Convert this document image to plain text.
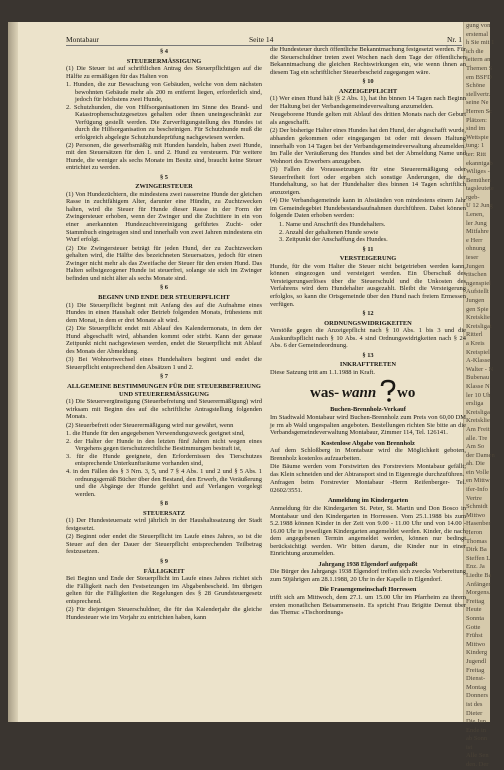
gung von
erstemal
h Sie mit 1
ich die
leitern an
Themen S
em BSFD
Schöne
stellvertr.
seine Ne
Herren Sc
Plätzen:
sind im
Wettspie
tung: 1
ter: Ritt
ekanntgab
Wiliges -
Bemühen
tagsleutete
rgeb-
U 12 Jung
Lenen,
ler Jung
Mitfahre
e Herr
ohnung
ieser
Jungen
ritschen
ngenspiel
Aufstellt
Jungen
gen Spie
Kreisklie
Kreisligat
Ritterl
a Kreis
Kreispiel
A-Klasse
Walter - N
Bubenau
Klasse N
ler 10 Uh
ersliga
Kreisliga
Kreisklie
Am Freit
alle. Tre
Am So
der Damen
ah. Die
ein Volle
en Mittw
ifer-Info
Vertre
Schmidt
Mittwo
Hasenber
Heron
Thomas
Dirk Ba
Steffen L
Enz. Ja
Liedte Ba
Anfänger
Morgens.
Freitag
Heute
Sonnta
Gotte
Frühst
Mittwo
Kinderg
Jugendl
Freitag
Dienst-
Montag
Donners
ist des
Dieter
Die Jun
Ende in
ab Sonn
ist
Alle Sen
den. Der
Montabaur	Seite 14	Nr. 1

§ 4
STEUERERMÄSSIGUNG

(1) Die Steuer ist auf schriftlichen Antrag des Steuerpflichtigen auf die Hälfte zu ermäßigen für das Halten von

1. Hunden, die zur Bewachung von Gebäuden, welche von dem nächsten bewohnten Gebäude mehr als 200 m entfernt liegen, erforderlich sind, jedoch für höchstens zwei Hunde,

2. Schutzhunden, die von Hilfsorganisationen im Sinne des Brand- und Katastrophenschutzgesetzes gehalten oder ihnen uneingeschränkt zur Verfügung gestellt werden. Die Zurverfügungstellung des Hundes ist durch die Hilfsorganisation zu bescheinigen. Für Schutzhunde muß die erfolgreich abgelegte Schutzhundeprüfung nachgewiesen werden.

(2) Personen, die gewerbsmäßig mit Hunden handeln, haben zwei Hunde, mit den Steuersätzen für den 1. und 2. Hund zu versteuern. Für weitere Hunde, die weniger als sechs Monate im Besitz sind, braucht keine Steuer entrichtet zu werden.

§ 5
ZWINGERSTEUER

(1) Von Hundezüchtern, die mindestens zwei rassereine Hunde der gleichen Rasse in zuchtfähigem Alter, darunter eine Hündin, zu Zuchtzwecken halten, wird die Steuer für Hunde dieser Rasse in der Form der Zwingersteuer erhoben, wenn der Zwinger und die Zuchttiere in ein von einer anerkannten Hundezuchtvereinigung geführtes Zucht- oder Stammbuch eingetragen sind und innerhalb von zwei Jahren mindestens ein Wurf erfolgt.

(2) Die Zwingersteuer beträgt für jeden Hund, der zu Zuchtzwecken gehalten wird, die Hälfte des bezeichneten Steuersatzes, jedoch für einen Zwinger nicht mehr als das Zweifache der Steuer für den ersten Hund. Das Halten selbstgezogener Hunde ist steuerfrei, solange sie sich im Zwinger befinden und nicht älter als sechs Monate sind.

§ 6
BEGINN UND ENDE DER STEUERPFLICHT

(1) Die Steuerpflicht beginnt mit Anfang des auf die Aufnahme eines Hundes in einen Haushalt oder Betrieb folgenden Monats, frühestens mit dem Monat, in dem er drei Monate alt wird.

(2) Die Steuerpflicht endet mit Ablauf des Kalendermonats, in dem der Hund abgeschafft wird, abhanden kommt oder stirbt. Kann der genaue Zeitpunkt nicht nachgewiesen werden, endet die Steuerpflicht mit Ablauf des Monats der Abmeldung.

(3) Bei Wohnortwechsel eines Hundehalters beginnt und endet die Steuerpflicht entsprechend den Absätzen 1 und 2.

§ 7
ALLGEMEINE BESTIMMUNGEN FÜR DIE STEUERBEFREIUNG UND STEUERERMÄSSIGUNG

(1) Die Steuervergünstigung (Steuerbefreiung und Steuerermäßigung) wird wirksam mit Beginn des auf die schriftliche Antragstellung folgenden Monats.

(2) Steuerbefreit oder Steuerermäßigung wird nur gewährt, wenn

1. die Hunde für den angegebenen Verwendungszweck geeignet sind,

2. der Halter der Hunde in den letzten fünf Jahren nicht wegen eines Vergehens gegen tierschutzrechtliche Bestimmungen bestraft ist,

3. für die Hunde geeignete, den Erfordernissen des Tierschutzes entsprechende Unterkunftsräume vorhanden sind,

4. in den Fällen des § 3 Nrn. 3, 5, und 7 § 4 Abs. 1 und 2 und § 5 Abs. 1 ordnungsgemäß Bücher über den Bestand, den Erwerb, die Veräußerung und die Abgänge der Hunde geführt und auf Verlangen vorgelegt werden.

§ 8
STEUERSATZ

(1) Der Hundesteuersatz wird jährlich in der Haushaltssatzung der Stadt festgesetzt.

(2) Beginnt oder endet die Steuerpflicht im Laufe eines Jahres, so ist die Steuer auf den der Dauer der Steuerpflicht entsprechenden Teilbetrag festzusetzen.

§ 9
FÄLLIGKEIT

Bei Beginn und Ende der Steuerpflicht im Laufe eines Jahres richtet sich die Fälligkeit nach den Festsetzungen im Abgabenbescheid. Im übrigen gelten für die Fälligkeiten die Regelungen des § 28 Grundsteuergesetz entsprechend.

(2) Für diejenigen Steuerschuldner, die für das Kalenderjahr die gleiche Hundesteuer wie im Vorjahr zu entrichten haben, kann

die Hundesteuer durch öffentliche Bekanntmachung festgesetzt werden. Für die Steuerschuldner treten zwei Wochen nach dem Tage der öffentlichen Bekanntmachung die gleichen Rechtswirkungen ein, wie wenn ihnen an diesem Tag ein schriftlicher Steuerbescheid zugegangen wäre.

§ 10
ANZEIGEPFLICHT

(1) Wer einen Hund hält (§ 2 Abs. 1), hat ihn binnen 14 Tagen nach Beginn der Haltung bei der Verbandsgemeindeverwaltung anzumelden.

Neugeborene Hunde gelten mit Ablauf des dritten Monats nach der Geburt als angeschafft.

(2) Der bisherige Halter eines Hundes hat den Hund, der abgeschafft wurde, abhanden gekommen oder eingegangen ist oder mit dessen Haltung innerhalb von 14 Tagen bei der Verbandsgemeindeverwaltung abzumelden. Im Falle der Veräußerung des Hundes sind bei der Abmeldung Name und Wohnort des Erwerbers anzugeben.

(3) Fallen die Voraussetzungen für eine Steuerermäßigung oder Steuerfreiheit fort oder ergeben sich sonstige Änderungen, die der Hundehaltung, so hat der Hundehalter dies binnen 14 Tagen schriftlich anzuzeigen.

(4) Die Verbandsgemeinde kann in Abständen von mindestens einem Jahr im Gemeindegebiet Hundebestandsaufnahmen durchführen. Dabei können folgende Daten erhoben werden:

1. Name und Anschrift des Hundehalters.

2. Anzahl der gehaltenen Hunde sowie

3. Zeitpunkt der Anschaffung des Hundes.

§ 11
VERSTEIGERUNG

Hunde, für die vom Halter die Steuer nicht beigetrieben werden kann, können eingezogen und versteigert werden. Ein Überschuß des Versteigerungserlöses über die Steuerschuld und die Unkosten des Verfahrens wird dem Hundehalter ausgezahlt. Bleibt die Versteigerung erfolglos, so kann die Ortsgemeinde über den Hund nach freiem Ermessen verfügen.

§ 12
ORDNUNGSWIDRIGKEITEN

Verstöße gegen die Anzeigepflicht nach § 10 Abs. 1 bis 3 und die Auskunftspflicht nach § 10 Abs. 4 sind Ordnungswidrigkeiten nach § 24 Abs. 6 der Gemeindeordnung.

§ 13
INKRAFTTRETEN

Diese Satzung tritt am 1.1.1988 in Kraft.

was- wann wo
Buchen-Brennholz-Verkauf

Im Stadtwald Montabaur wird Buchen-Brennholz zum Preis von 60,00 DM je rm ab Wald ungespalten angeboten. Bestellungen richten Sie bitte an die Verbandsgemeindeverwaltung Montabaur, Zimmer 114, Tel. 126141.

Kostenlose Abgabe von Brennholz

Auf dem Schloßberg in Montabaur wird die Möglichkeit geboten, Brennholz kostenlos aufzuarbeiten.

Die Bäume werden vom Forstwirten des Forstreviers Montabaur gefällt; das Klein schneiden und der Abtransport sind in Eigenregie durchzuführen.

Anfragen beim Forstrevier Montabaur -Herrn Reifenberger- Tel. 02602/3551.

Anmeldung im Kindergarten

Anmeldung für die Kindergarten St. Peter, St. Martin und Don Bosco in Montabaur und den Kindergarten in Horressen. Vom 25.1.1988 bis zum 5.2.1988 können Kinder in der Zeit von 9.00 - 11.00 Uhr und von 14.00 - 16.00 Uhr in jeweiligen Kindergarten angemeldet werden. Kinder, die nach dem angegebenen Termin angemeldet werden, können nur bedingt berücksichtigt werden. Wir bitten darum, die Kinder nur in einer Einrichtung anzumelden.

Jahrgang 1938 Elgendorf aufgepaßt

Die Bürger des Jahrgangs 1938 Elgendorf treffen sich zwecks Vorbereitung zum 50jährigen am 28.1.1988, 20 Uhr in der Kapelle in Elgendorf.

Die Frauengemeinschaft Horressen

trifft sich am Mittwoch, dem 27.1. um 15.00 Uhr im Pfarrheim zu ihrem ersten monatlichen Beisammensein. Es spricht Frau Brigitte Demut über das Thema: «Tischordnung»
